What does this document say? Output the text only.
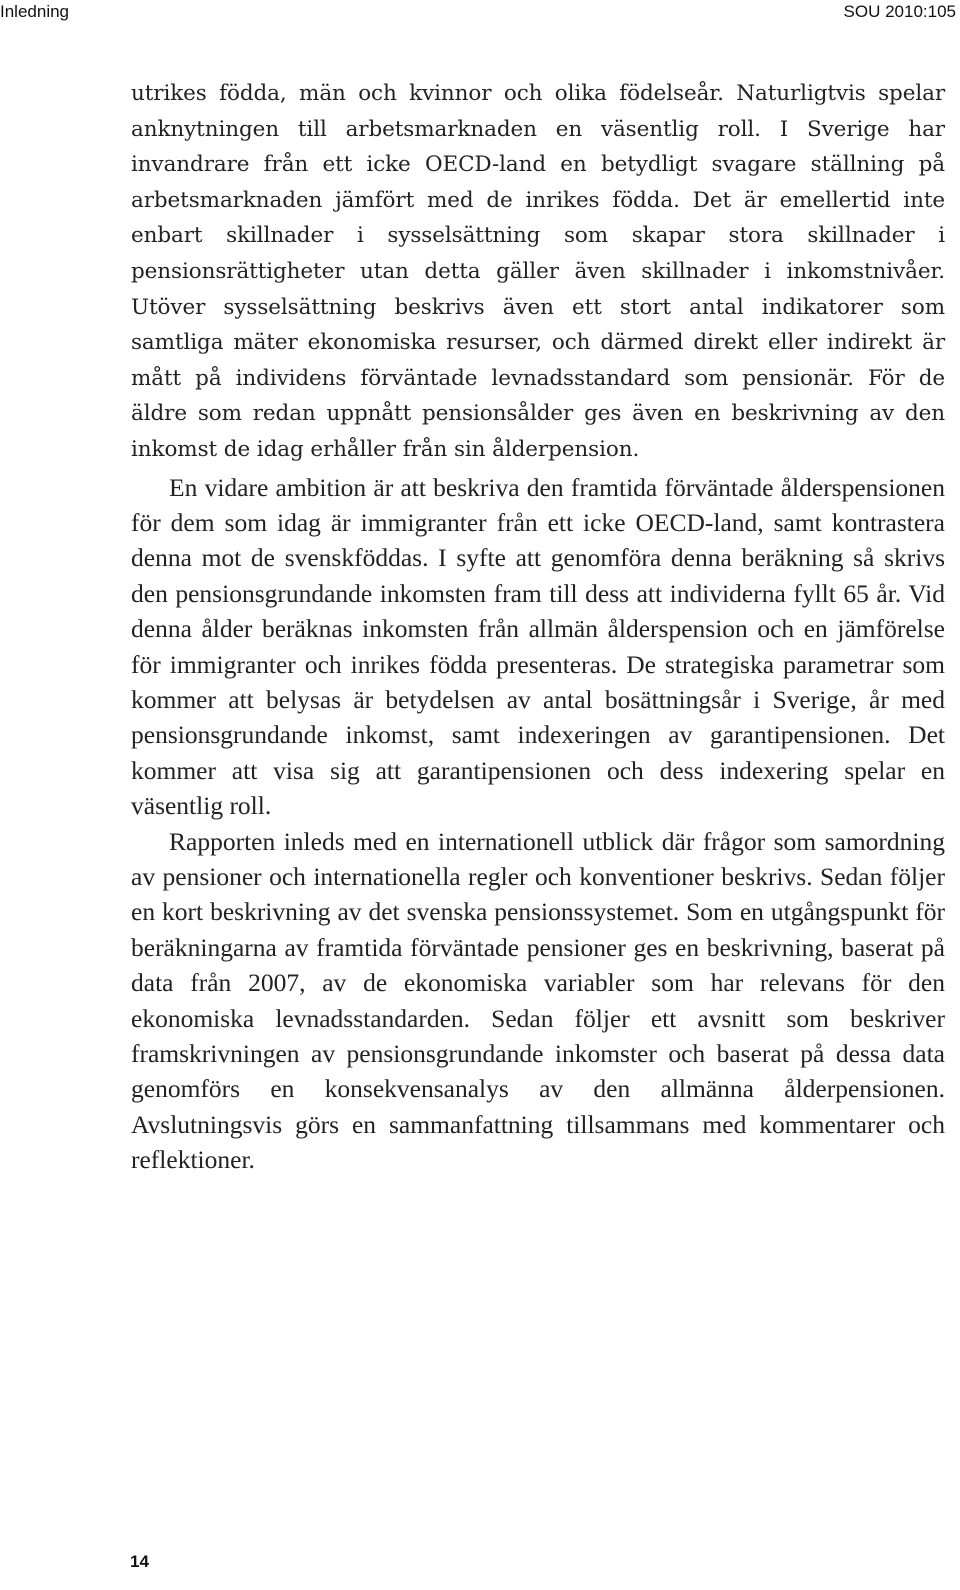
Inledning	SOU 2010:105

utrikes födda, män och kvinnor och olika födelseår. Naturligtvis spelar anknytningen till arbetsmarknaden en väsentlig roll. I Sverige har invandrare från ett icke OECD-land en betydligt svagare ställning på arbetsmarknaden jämfört med de inrikes födda. Det är emellertid inte enbart skillnader i sysselsättning som skapar stora skillnader i pensionsrättigheter utan detta gäller även skillnader i inkomstnivåer. Utöver sysselsättning beskrivs även ett stort antal indikatorer som samtliga mäter ekonomiska resurser, och därmed direkt eller indirekt är mått på individens förväntade levnadsstandard som pensionär. För de äldre som redan uppnått pensionsålder ges även en beskrivning av den inkomst de idag erhåller från sin ålderpension.

En vidare ambition är att beskriva den framtida förväntade ålderspensionen för dem som idag är immigranter från ett icke OECD-land, samt kontrastera denna mot de svenskföddas. I syfte att genomföra denna beräkning så skrivs den pensionsgrundande inkomsten fram till dess att individerna fyllt 65 år. Vid denna ålder beräknas inkomsten från allmän ålderspension och en jämförelse för immigranter och inrikes födda presenteras. De strategiska parametrar som kommer att belysas är betydelsen av antal bosättningsår i Sverige, år med pensionsgrundande inkomst, samt indexeringen av garantipensionen. Det kommer att visa sig att garantipensionen och dess indexering spelar en väsentlig roll.

Rapporten inleds med en internationell utblick där frågor som samordning av pensioner och internationella regler och konventioner beskrivs. Sedan följer en kort beskrivning av det svenska pensionssystemet. Som en utgångspunkt för beräkningarna av framtida förväntade pensioner ges en beskrivning, baserat på data från 2007, av de ekonomiska variabler som har relevans för den ekonomiska levnadsstandarden. Sedan följer ett avsnitt som beskriver framskrivningen av pensionsgrundande inkomster och baserat på dessa data genomförs en konsekvensanalys av den allmänna ålderpensionen. Avslutningsvis görs en sammanfattning tillsammans med kommentarer och reflektioner.

14
